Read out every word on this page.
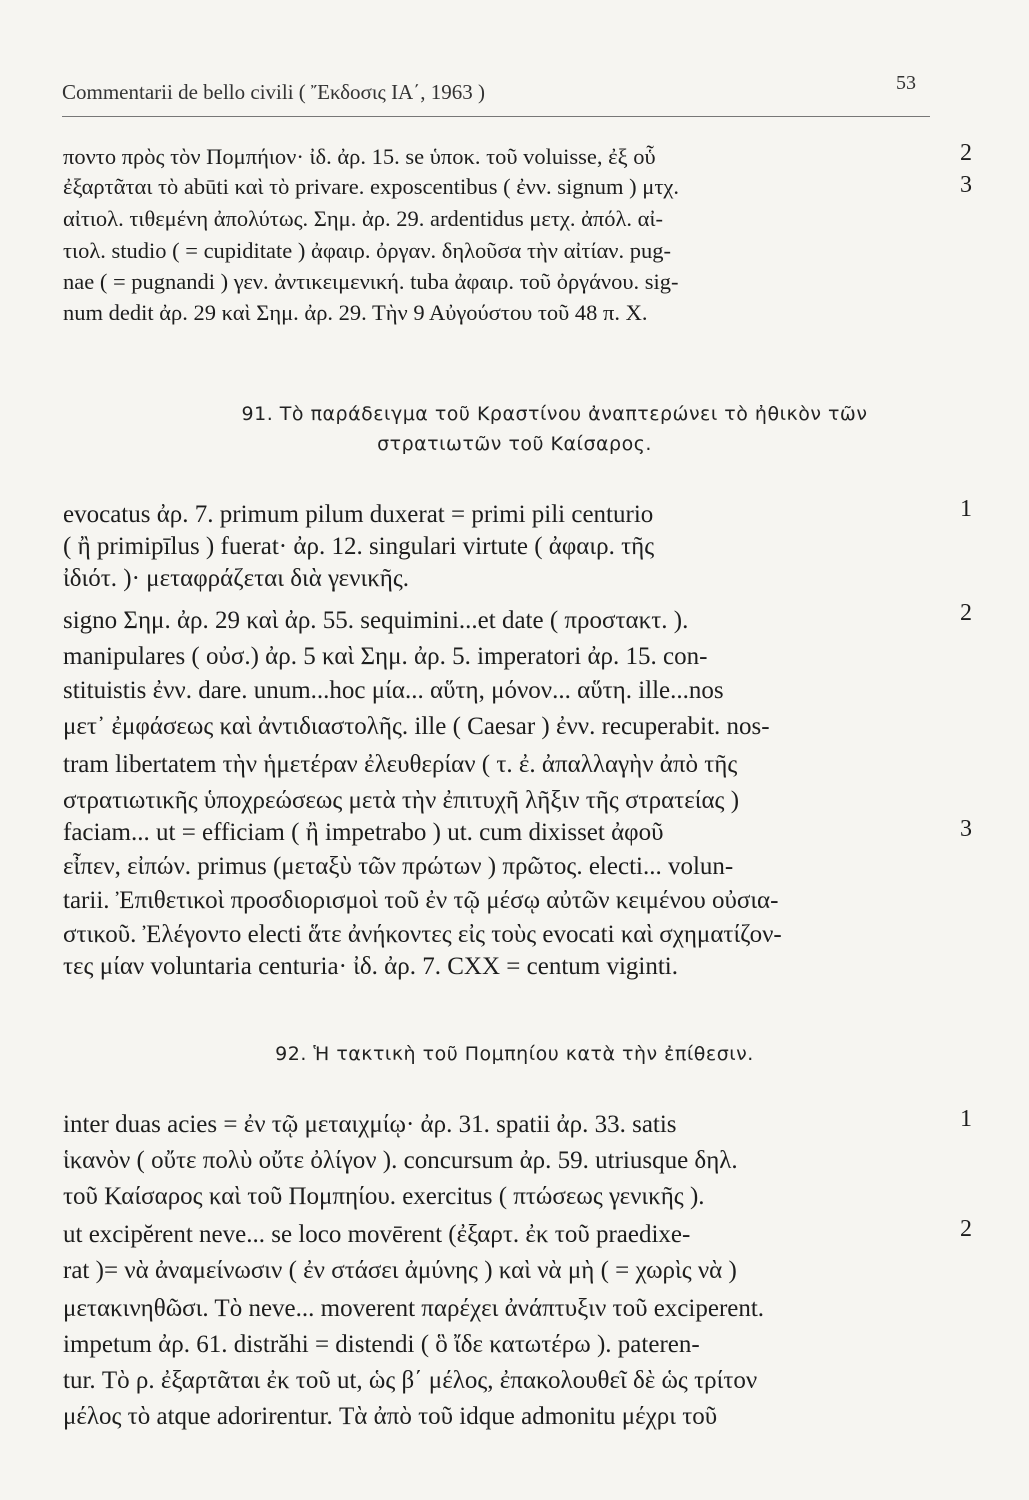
Commentarii de bello civili ( Ἔκδοσις ΙΑ΄, 1963 )	53
ποντο πρὸς τὸν Πομπήιον· ἰδ. ἀρ. 15. se ὑποκ. τοῦ voluisse, ἐξ οὗ
ἐξαρτᾶται τὸ abūti καὶ τὸ privare. exposcentibus ( ἐνν. signum ) μτχ.
αἰτιολ. τιθεμένη ἀπολύτως. Σημ. ἀρ. 29. ardentidus μετχ. ἀπόλ. αἰ-
τιολ. studio ( = cupiditate ) ἀφαιρ. ὀργαν. δηλοῦσα τὴν αἰτίαν. pug-
nae ( = pugnandi ) γεν. ἀντικειμενική. tuba ἀφαιρ. τοῦ ὀργάνου. sig-
num dedit ἀρ. 29 καὶ Σημ. ἀρ. 29. Τὴν 9 Αὐγούστου τοῦ 48 π. Χ.
2
3
91. Τὸ παράδειγμα τοῦ Κραστίνου ἀναπτερώνει τὸ ἠθικὸν τῶν
στρατιωτῶν τοῦ Καίσαρος.
evocatus ἀρ. 7. primum pilum duxerat = primi pili centurio
( ἢ primipīlus ) fuerat· ἀρ. 12. singulari virtute ( ἀφαιρ. τῆς
ἰδιότ. )· μεταφράζεται διὰ γενικῆς.
signo Σημ. ἀρ. 29 καὶ ἀρ. 55. sequimini...et date ( προστακτ. ).
manipulares ( οὐσ.) ἀρ. 5 καὶ Σημ. ἀρ. 5. imperatori ἀρ. 15. con-
stituistis ἐνν. dare. unum...hoc μία... αὕτη, μόνον... αὕτη. ille...nos
μετ᾽ ἐμφάσεως καὶ ἀντιδιαστολῆς. ille ( Caesar ) ἐνν. recuperabit. nos-
tram libertatem τὴν ἡμετέραν ἐλευθερίαν ( τ. ἐ. ἀπαλλαγὴν ἀπὸ τῆς
στρατιωτικῆς ὑποχρεώσεως μετὰ τὴν ἐπιτυχῆ λῆξιν τῆς στρατείας )
faciam... ut = efficiam ( ἢ impetrabo ) ut. cum dixisset ἀφοῦ
εἶπεν, εἰπών. primus (μεταξὺ τῶν πρώτων ) πρῶτος. electi... volun-
tarii. Ἐπιθετικοὶ προσδιορισμοὶ τοῦ ἐν τῷ μέσῳ αὐτῶν κειμένου οὐσια-
στικοῦ. Ἐλέγοντο electi ἅτε ἀνήκοντες εἰς τοὺς evocati καὶ σχηματίζον-
τες μίαν voluntaria centuria· ἰδ. ἀρ. 7. CXX = centum viginti.
1
2
3
92. Ἡ τακτικὴ τοῦ Πομπηίου κατὰ τὴν ἐπίθεσιν.
inter duas acies = ἐν τῷ μεταιχμίῳ· ἀρ. 31. spatii ἀρ. 33. satis
ἱκανὸν ( οὔτε πολὺ οὔτε ὀλίγον ). concursum ἀρ. 59. utriusque δηλ.
τοῦ Καίσαρος καὶ τοῦ Πομπηίου. exercitus ( πτώσεως γενικῆς ).
ut excipĕrent neve... se loco movērent (ἐξαρτ. ἐκ τοῦ praedixe-
rat )= νὰ ἀναμείνωσιν ( ἐν στάσει ἀμύνης ) καὶ νὰ μὴ ( = χωρὶς νὰ )
μετακινηθῶσι. Τὸ neve... moverent παρέχει ἀνάπτυξιν τοῦ exciperent.
impetum ἀρ. 61. distrăhi = distendi ( ὃ ἴδε κατωτέρω ). pateren-
tur. Τὸ ρ. ἐξαρτᾶται ἐκ τοῦ ut, ὡς β΄ μέλος, ἐπακολουθεῖ δὲ ὡς τρίτον
μέλος τὸ atque adorirentur. Τὰ ἀπὸ τοῦ idque admonitu μέχρι τοῦ
1
2
